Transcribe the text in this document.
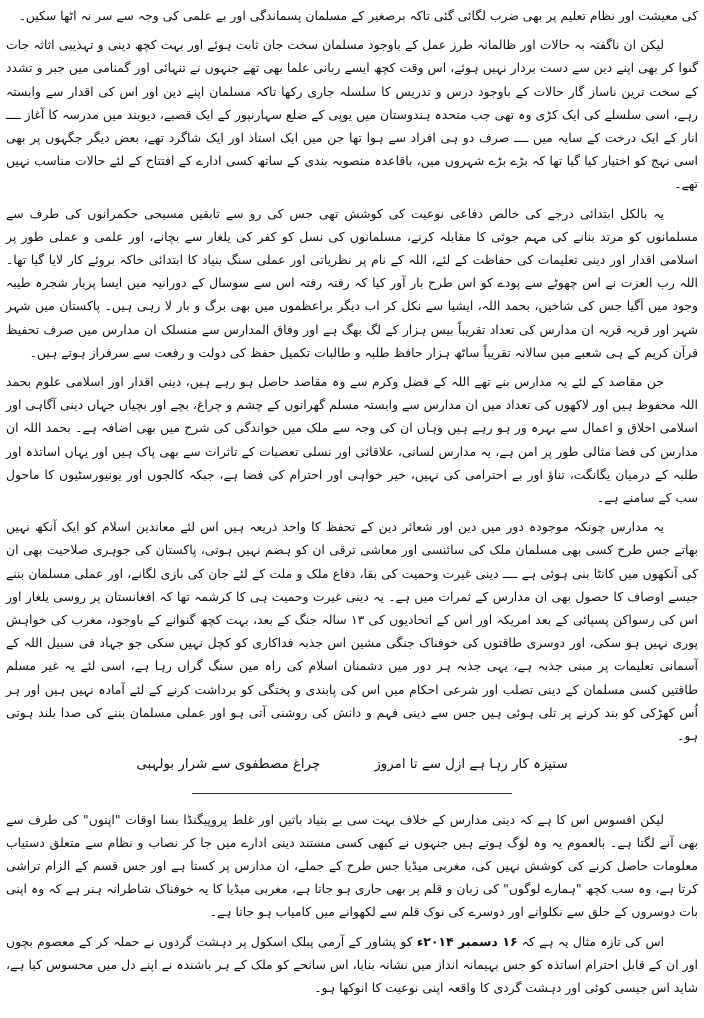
کی معیشت اور نظام تعلیم پر بھی ضرب لگائی گئی تاکہ برصغیر کے مسلمان پسماندگی اور بے علمی کی وجہ سے سر نہ اٹھا سکیں۔

لیکن ان ناگفتہ بہ حالات اور ظالمانہ طرز عمل کے باوجود مسلمان سخت جان ثابت ہوئے اور بہت کچھ دینی و تہذیبی اثاثہ جات گنوا کر بھی اپنے دین سے دست بردار نہیں ہوئے، اس وقت کچھ ایسے ربانی علما بھی تھے جنہوں نے تنہائی اور گمنامی میں جبر و تشدد کے سخت ترین ناساز گار حالات کے باوجود درس و تدریس کا سلسلہ جاری رکھا تاکہ مسلمان اپنے دین اور اس کی اقدار سے وابستہ رہے، اسی سلسلے کی ایک کڑی وہ تھی جب متحدہ ہندوستان میں یوپی کے ضلع سہارنپور کے ایک قصبے، دیوبند میں مدرسہ کا آغاز ــــ انار کے ایک درخت کے سایہ میں ــــ صرف دو ہی افراد سے ہوا تھا جن میں ایک استاذ اور ایک شاگرد تھے، بعض دیگر جگہوں پر بھی اسی نہج کو اختیار کیا گیا تھا کہ بڑے بڑے شہروں میں، باقاعدہ منصوبہ بندی کے ساتھ کسی ادارے کے افتتاح کے لئے حالات مناسب نہیں تھے۔

یہ بالکل ابتدائی درجے کی خالص دفاعی نوعیت کی کوشش تھی جس کی رو سے تابقیں مسیحی حکمرانوں کی طرف سے مسلمانوں کو مرتد بنانے کی مہم جوئی کا مقابلہ کرنے، مسلمانوں کی نسل کو کفر کی یلغار سے بچانے، اور علمی و عملی طور پر اسلامی اقدار اور دینی تعلیمات کی حفاظت کے لئے، اللہ کے نام پر نظریاتی اور عملی سنگ بنیاد کا ابتدائی خاکہ بروئے کار لایا گیا تھا۔ اللہ رب العزت نے اس چھوٹے سے پودے کو اس طرح بار آور کیا کہ رفتہ رفتہ اس سے سوسال کے دورانیہ میں ایسا پربار شجرہ طیبہ وجود میں آگیا جس کی شاخیں، بحمد اللہ، ایشیا سے نکل کر اب دیگر براعظموں میں بھی برگ و بار لا رہی ہیں۔ پاکستان میں شہر شہر اور قریہ قریہ ان مدارس کی تعداد تقریباً بیس ہزار کے لگ بھگ ہے اور وفاق المدارس سے منسلک ان مدارس میں صرف تحفیظ قرآن کریم کے ہی شعبے میں سالانہ تقریباً ساٹھ ہزار حافظ طلبہ و طالبات تکمیل حفظ کی دولت و رفعت سے سرفراز ہوتے ہیں۔

جن مقاصد کے لئے یہ مدارس بنے تھے اللہ کے فضل وکرم سے وہ مقاصد حاصل ہو رہے ہیں، دینی اقدار اور اسلامی علوم بحمد اللہ محفوظ ہیں اور لاکھوں کی تعداد میں ان مدارس سے وابستہ مسلم گھرانوں کے چشم و چراغ، بچے اور بچیاں جہاں دینی آگاہی اور اسلامی اخلاق و اعمال سے بہرہ ور ہو رہے ہیں وہاں ان کی وجہ سے ملک میں خواندگی کی شرح میں بھی اضافہ ہے۔ بحمد اللہ ان مدارس کی فضا مثالی طور پر امن ہے، یہ مدارس لسانی، علاقائی اور نسلی تعصبات کے تاثرات سے بھی پاک ہیں اور یہاں اساتذہ اور طلبہ کے درمیان یگانگت، تناؤ اور بے احترامی کی نہیں، خیر خواہی اور احترام کی فضا ہے، جبکہ کالجوں اور یونیورسٹیوں کا ماحول سب کے سامنے ہے۔

یہ مدارس چونکہ موجودہ دور میں دین اور شعائر دین کے تحفظ کا واحد ذریعہ ہیں اس لئے معاندین اسلام کو ایک آنکھ نہیں بھاتے جس طرح کسی بھی مسلمان ملک کی سائنسی اور معاشی ترقی ان کو ہضم نہیں ہوتی، پاکستان کی جوہری صلاحیت بھی ان کی آنکھوں میں کانٹا بنی ہوئی ہے ــــ دینی غیرت وحمیت کی بقا، دفاع ملک و ملت کے لئے جان کی بازی لگانے، اور عملی مسلمان بننے جیسے اوصاف کا حصول بھی ان مدارس کے ثمرات میں ہے۔ یہ دینی غیرت وحمیت ہی کا کرشمہ تھا کہ افغانستان پر روسی یلغار اور اس کی رسواکن پسپائی کے بعد امریکہ اور اس کے اتحادیوں کی ۱۳ سالہ جنگ کے بعد، بہت کچھ گنوانے کے باوجود، مغرب کی خواہش پوری نہیں ہو سکی، اور دوسری طاقتوں کی خوفناک جنگی مشین اس جذبہ فداکاری کو کچل نہیں سکی جو جہاد فی سبیل اللہ کے آسمانی تعلیمات پر مبنی جذبہ ہے، یہی جذبہ ہر دور میں دشمنان اسلام کی راہ میں سنگ گراں رہا ہے، اسی لئے یہ غیر مسلم طاقتیں کسی مسلمان کے دینی تصلب اور شرعی احکام میں اس کی پابندی و پختگی کو برداشت کرنے کے لئے آمادہ نہیں ہیں اور ہر اُس کھڑکی کو بند کرنے پر تلی ہوئی ہیں جس سے دینی فہم و دانش کی روشنی آتی ہو اور عملی مسلمان بننے کی صدا بلند ہوتی ہو۔

ستیزہ کار رہا ہے ازل سے تا امروز
چراغ مصطفوی سے شرار بولہبی

لیکن افسوس اس کا ہے کہ دینی مدارس کے خلاف بہت سی بے بنیاد باتیں اور غلط پروپیگنڈا بسا اوقات "اپنوں" کی طرف سے بھی آنے لگتا ہے۔ بالعموم یہ وہ لوگ ہوتے ہیں جنہوں نے کبھی کسی مستند دینی ادارے میں جا کر نصاب و نظام سے متعلق دستیاب معلومات حاصل کرنے کی کوشش نہیں کی، مغربی میڈیا جس طرح کے جملے، ان مدارس پر کستا ہے اور جس قسم کے الزام تراشی کرتا ہے، وہ سب کچھ "ہمارے لوگوں" کی زبان و قلم پر بھی جاری ہو جاتا ہے، مغربی میڈیا کا یہ خوفناک شاطرانہ ہنر ہے کہ وہ اپنی بات دوسروں کے حلق سے نکلوانے اور دوسرے کی نوک قلم سے لکھوانے میں کامیاب ہو جاتا ہے۔

اس کی تازہ مثال یہ ہے کہ ۱۶ دسمبر ۲۰۱۴ء کو پشاور کے آرمی پبلک اسکول پر دہشت گردوں نے حملہ کر کے معصوم بچوں اور ان کے قابل احترام اساتذہ کو جس بہیمانہ انداز میں نشانہ بنایا، اس سانحے کو ملک کے ہر باشندہ نے اپنے دل میں محسوس کیا ہے، شاید اس جیسی کوئی اور دہشت گردی کا واقعہ اپنی نوعیت کا انوکھا ہو۔
